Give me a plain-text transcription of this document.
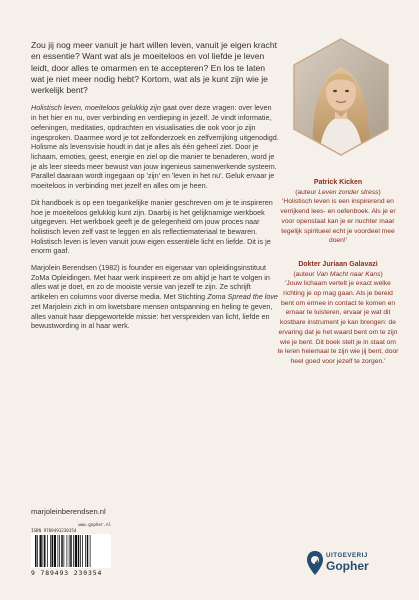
Zou jij nog meer vanuit je hart willen leven, vanuit je eigen kracht en essentie? Want wat als je moeiteloos en vol liefde je leven leidt, door alles te omarmen en te accepteren? En los te laten wat je niet meer nodig hebt? Kortom, wat als je kunt zijn wie je werkelijk bent?

Holistisch leven, moeiteloos gelukkig zijn gaat over deze vragen: over leven in het hier en nu, over verbinding en verdieping in jezelf. Je vindt informatie, oefeningen, meditaties, opdrachten en visualisaties die ook voor jo zijn ingesproken. Daarmee word je tot zelfonderzoek en zelfverrijking uitgenodigd. Holisme als levensvisie houdt in dat je alles als één geheel ziet. Door je lichaam, emoties, geest, energie en ziel op die manier te benaderen, word je je als leer steeds meer bewust van jouw ingenieus samenwerkende systeem. Parallel daaraan wordt ingegaan op 'zijn' en 'leven in het nu'. Geluk ervaar je moeiteloos in verbinding met jezelf en alles om je heen.

Dit handboek is op een toegankelijke manier geschreven om je te inspireren hoe je moeiteloos gelukkig kunt zijn. Daarbij is het gelijknamige werkboek uitgegeven. Het werkboek geeft je de gelegenheid om jouw proces naar holistisch leven zelf vast te leggen en als reflectiemateriaal te bewaren. Holistisch leven is leven vanuit jouw eigen essentiële licht en liefde. Dit is je enorm gaaf.

Marjolein Berendsen (1982) is founder en eigenaar van opleidingsinstituut ZoMa Opleidingen. Met haar werk inspireert ze om altijd je hart te volgen in alles wat je doet, en zo de mooiste versie van jezelf te zijn. Ze schrijft artikelen en columns voor diverse media. Met Stichting Zoma Spread the love zet Marjolein zich in om kwetsbare mensen ontspanning en heling te geven, alles vanuit haar diepgewortelde missie: het verspreiden van licht, liefde en bewustwording in al haar werk.

marjoleinberendsen.nl
www.gopher.nl
ISBN 9789493230354
9 789493 230354
Patrick Kicken
(auteur Leven zonder stress)
'Holistisch leven is een inspirerend en verrijkend lees- en oefenboek. Als je er voor openstaat kan je er nuchter maar tegelijk spiritueel echt je voordeel mee doen!'
Dokter Juriaan Galavazi
(auteur Van Macht naar Kans)
'Jouw lichaam vertelt je exact welke richting je op mag gaan. Als je bereid bent om ermee in contact te komen en ernaar te luisteren, ervaar je wat dit kostbare instrument je kan brengen: de ervaring dat je het waard bent om te zijn wie je bent. Dit boek stelt je in staat om te leren helemaal te zijn wie jij bent, door heel goed voor jezelf te zorgen.'
UITGEVERIJ
Gopher
